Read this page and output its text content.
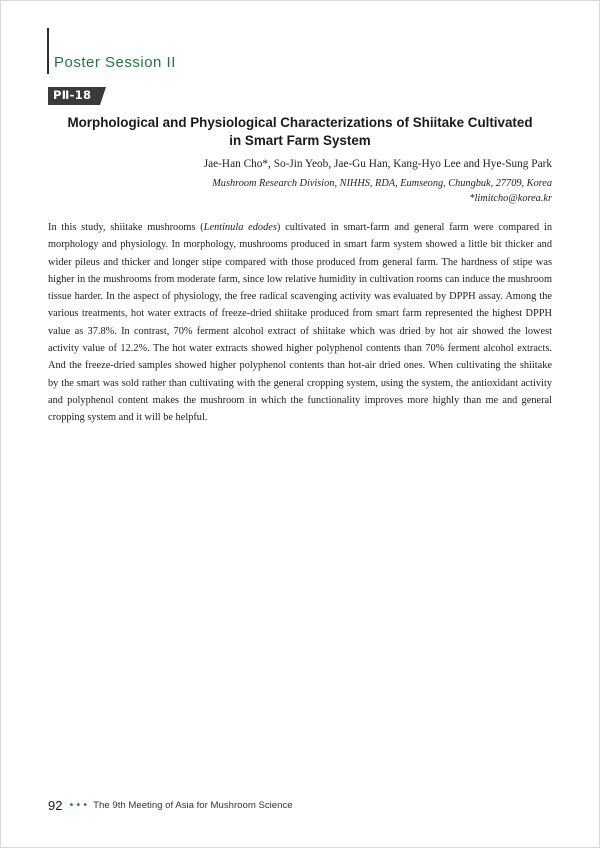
Poster Session II
PⅡ-18
Morphological and Physiological Characterizations of Shiitake Cultivated in Smart Farm System
Jae-Han Cho*, So-Jin Yeob, Jae-Gu Han, Kang-Hyo Lee and Hye-Sung Park
Mushroom Research Division, NIHHS, RDA, Eumseong, Chungbuk, 27709, Korea
*limitcho@korea.kr
In this study, shiitake mushrooms (Lentinula edodes) cultivated in smart-farm and general farm were compared in morphology and physiology. In morphology, mushrooms produced in smart farm system showed a little bit thicker and wider pileus and thicker and longer stipe compared with those produced from general farm. The hardness of stipe was higher in the mushrooms from moderate farm, since low relative humidity in cultivation rooms can induce the mushroom tissue harder. In the aspect of physiology, the free radical scavenging activity was evaluated by DPPH assay. Among the various treatments, hot water extracts of freeze-dried shiitake produced from smart farm represented the highest DPPH value as 37.8%. In contrast, 70% ferment alcohol extract of shiitake which was dried by hot air showed the lowest activity value of 12.2%. The hot water extracts showed higher polyphenol contents than 70% ferment alcohol extracts. And the freeze-dried samples showed higher polyphenol contents than hot-air dried ones. When cultivating the shiitake by the smart was sold rather than cultivating with the general cropping system, using the system, the antioxidant activity and polyphenol content makes the mushroom in which the functionality improves more highly than me and general cropping system and it will be helpful.
92 ••• The 9th Meeting of Asia for Mushroom Science
